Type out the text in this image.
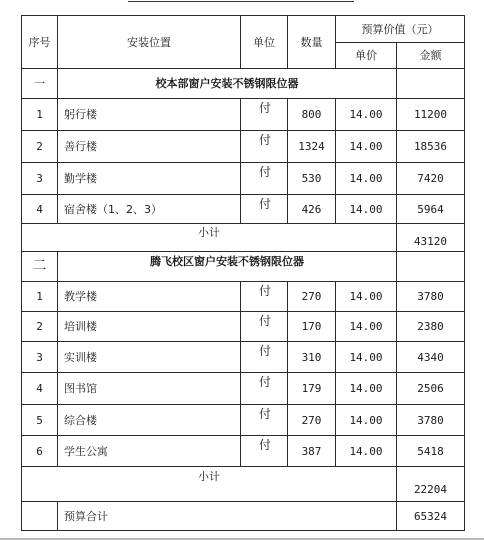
序号	安装位置	单位	数量	预算价值（元）	
				单价	金额
一	校本部窗户安装不锈钢限位器				
1	躬行楼	付	800	14.00	11200
2	善行楼	付	1324	14.00	18536
3	勤学楼	付	530	14.00	7420
4	宿舍楼（1、2、3）	付	426	14.00	5964
小计					43120
二	腾飞校区窗户安装不锈钢限位器				
1	教学楼	付	270	14.00	3780
2	培训楼	付	170	14.00	2380
3	实训楼	付	310	14.00	4340
4	图书馆	付	179	14.00	2506
5	综合楼	付	270	14.00	3780
6	学生公寓	付	387	14.00	5418
小计					22204
	预算合计				65324
